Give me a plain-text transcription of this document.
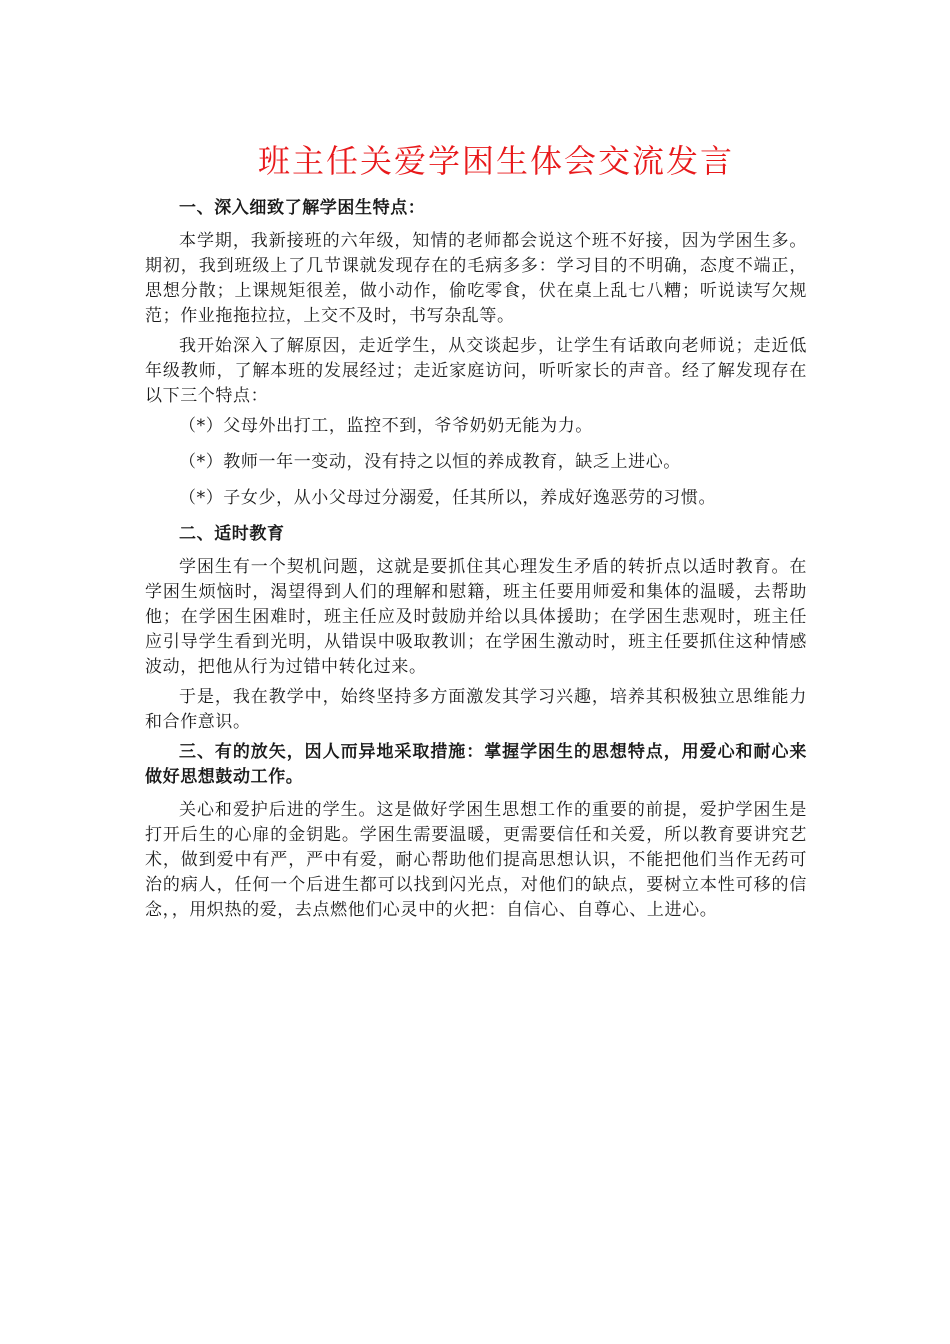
班主任关爱学困生体会交流发言

一、深入细致了解学困生特点：

本学期，我新接班的六年级，知情的老师都会说这个班不好接，因为学困生多。期初，我到班级上了几节课就发现存在的毛病多多：学习目的不明确，态度不端正，思想分散；上课规矩很差，做小动作，偷吃零食，伏在桌上乱七八糟；听说读写欠规范；作业拖拖拉拉，上交不及时，书写杂乱等。

我开始深入了解原因，走近学生，从交谈起步，让学生有话敢向老师说；走近低年级教师，了解本班的发展经过；走近家庭访问，听听家长的声音。经了解发现存在以下三个特点：

（*）父母外出打工，监控不到，爷爷奶奶无能为力。

（*）教师一年一变动，没有持之以恒的养成教育，缺乏上进心。

（*）子女少，从小父母过分溺爱，任其所以，养成好逸恶劳的习惯。

二、适时教育

学困生有一个契机问题，这就是要抓住其心理发生矛盾的转折点以适时教育。在学困生烦恼时，渴望得到人们的理解和慰籍，班主任要用师爱和集体的温暖，去帮助他；在学困生困难时，班主任应及时鼓励并给以具体援助；在学困生悲观时，班主任应引导学生看到光明，从错误中吸取教训；在学困生激动时，班主任要抓住这种情感波动，把他从行为过错中转化过来。

于是，我在教学中，始终坚持多方面激发其学习兴趣，培养其积极独立思维能力和合作意识。

三、有的放矢，因人而异地采取措施：掌握学困生的思想特点，用爱心和耐心来做好思想鼓动工作。

关心和爱护后进的学生。这是做好学困生思想工作的重要的前提，爱护学困生是打开后生的心扉的金钥匙。学困生需要温暖，更需要信任和关爱，所以教育要讲究艺术，做到爱中有严，严中有爱，耐心帮助他们提高思想认识，不能把他们当作无药可治的病人，任何一个后进生都可以找到闪光点，对他们的缺点，要树立本性可移的信念，，用炽热的爱，去点燃他们心灵中的火把：自信心、自尊心、上进心。
